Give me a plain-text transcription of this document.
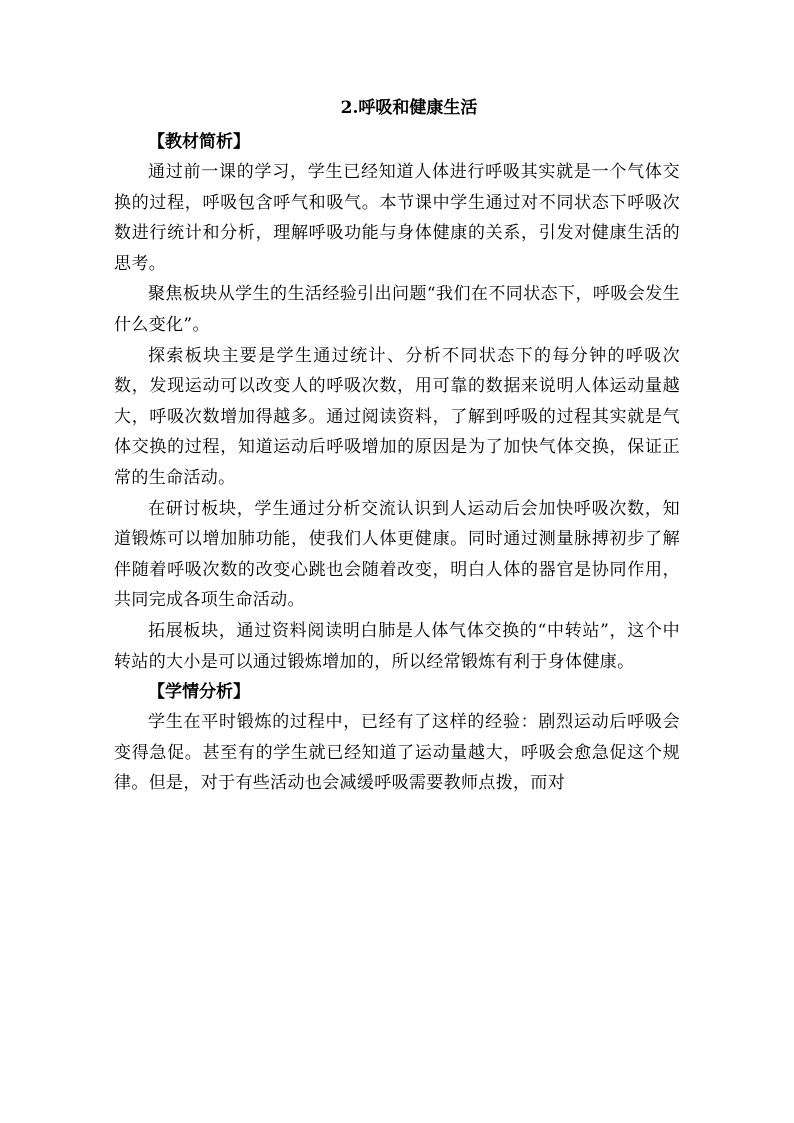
2.呼吸和健康生活
【教材简析】

通过前一课的学习，学生已经知道人体进行呼吸其实就是一个气体交换的过程，呼吸包含呼气和吸气。本节课中学生通过对不同状态下呼吸次数进行统计和分析，理解呼吸功能与身体健康的关系，引发对健康生活的思考。

聚焦板块从学生的生活经验引出问题“我们在不同状态下，呼吸会发生什么变化”。

探索板块主要是学生通过统计、分析不同状态下的每分钟的呼吸次数，发现运动可以改变人的呼吸次数，用可靠的数据来说明人体运动量越大，呼吸次数增加得越多。通过阅读资料，了解到呼吸的过程其实就是气体交换的过程，知道运动后呼吸增加的原因是为了加快气体交换，保证正常的生命活动。

在研讨板块，学生通过分析交流认识到人运动后会加快呼吸次数，知道锻炼可以增加肺功能，使我们人体更健康。同时通过测量脉搏初步了解伴随着呼吸次数的改变心跳也会随着改变，明白人体的器官是协同作用，共同完成各项生命活动。

拓展板块，通过资料阅读明白肺是人体气体交换的“中转站”，这个中转站的大小是可以通过锻炼增加的，所以经常锻炼有利于身体健康。

【学情分析】

学生在平时锻炼的过程中，已经有了这样的经验：剧烈运动后呼吸会变得急促。甚至有的学生就已经知道了运动量越大，呼吸会愈急促这个规律。但是，对于有些活动也会减缓呼吸需要教师点拨，而对
